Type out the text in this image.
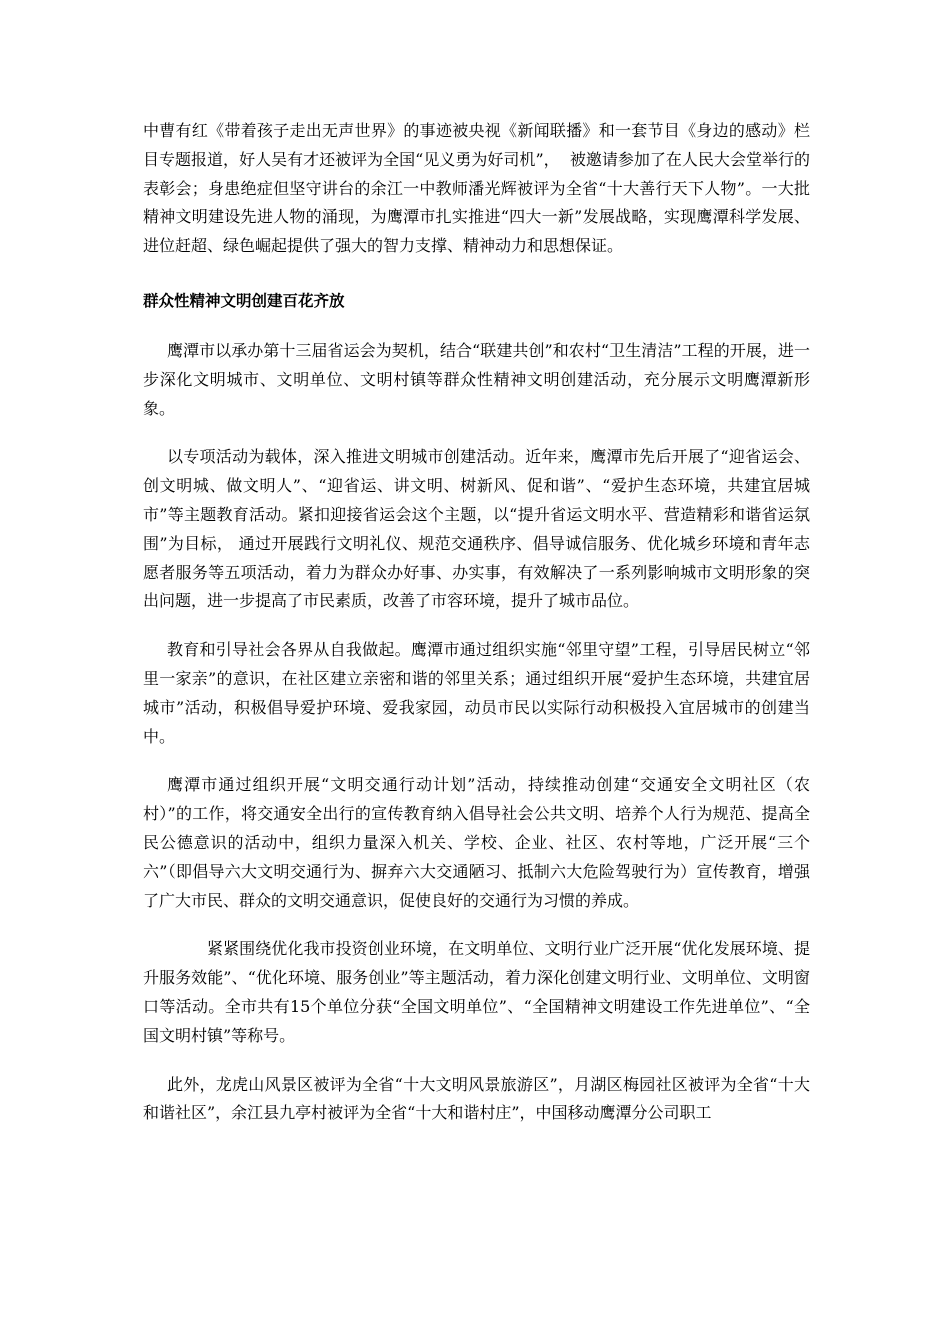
中曹有红《带着孩子走出无声世界》的事迹被央视《新闻联播》和一套节目《身边的感动》栏目专题报道，好人吴有才还被评为全国“见义勇为好司机”，  被邀请参加了在人民大会堂举行的表彰会；身患绝症但坚守讲台的余江一中教师潘光辉被评为全省“十大善行天下人物”。一大批精神文明建设先进人物的涌现，为鹰潭市扎实推进“四大一新”发展战略，实现鹰潭科学发展、进位赶超、绿色崛起提供了强大的智力支撑、精神动力和思想保证。

群众性精神文明创建百花齐放

鹰潭市以承办第十三届省运会为契机，结合“联建共创”和农村“卫生清洁”工程的开展，进一步深化文明城市、文明单位、文明村镇等群众性精神文明创建活动，充分展示文明鹰潭新形象。

以专项活动为载体，深入推进文明城市创建活动。近年来，鹰潭市先后开展了“迎省运会、创文明城、做文明人”、“迎省运、讲文明、树新风、促和谐”、“爱护生态环境，共建宜居城市”等主题教育活动。紧扣迎接省运会这个主题，以“提升省运文明水平、营造精彩和谐省运氛围”为目标， 通过开展践行文明礼仪、规范交通秩序、倡导诚信服务、优化城乡环境和青年志愿者服务等五项活动，着力为群众办好事、办实事，有效解决了一系列影响城市文明形象的突出问题，进一步提高了市民素质，改善了市容环境，提升了城市品位。

教育和引导社会各界从自我做起。鹰潭市通过组织实施“邻里守望”工程，引导居民树立“邻里一家亲”的意识，在社区建立亲密和谐的邻里关系；通过组织开展“爱护生态环境，共建宜居城市”活动，积极倡导爱护环境、爱我家园，动员市民以实际行动积极投入宜居城市的创建当中。

鹰潭市通过组织开展“文明交通行动计划”活动，持续推动创建“交通安全文明社区（农村）”的工作，将交通安全出行的宣传教育纳入倡导社会公共文明、培养个人行为规范、提高全民公德意识的活动中，组织力量深入机关、学校、企业、社区、农村等地，广泛开展“三个六”（即倡导六大文明交通行为、摒弃六大交通陋习、抵制六大危险驾驶行为）宣传教育，增强了广大市民、群众的文明交通意识，促使良好的交通行为习惯的养成。

紧紧围绕优化我市投资创业环境，在文明单位、文明行业广泛开展“优化发展环境、提升服务效能”、“优化环境、服务创业”等主题活动，着力深化创建文明行业、文明单位、文明窗口等活动。全市共有15个单位分获“全国文明单位”、“全国精神文明建设工作先进单位”、“全国文明村镇”等称号。

此外，龙虎山风景区被评为全省“十大文明风景旅游区”，月湖区梅园社区被评为全省“十大和谐社区”，余江县九亭村被评为全省“十大和谐村庄”，中国移动鹰潭分公司职工
